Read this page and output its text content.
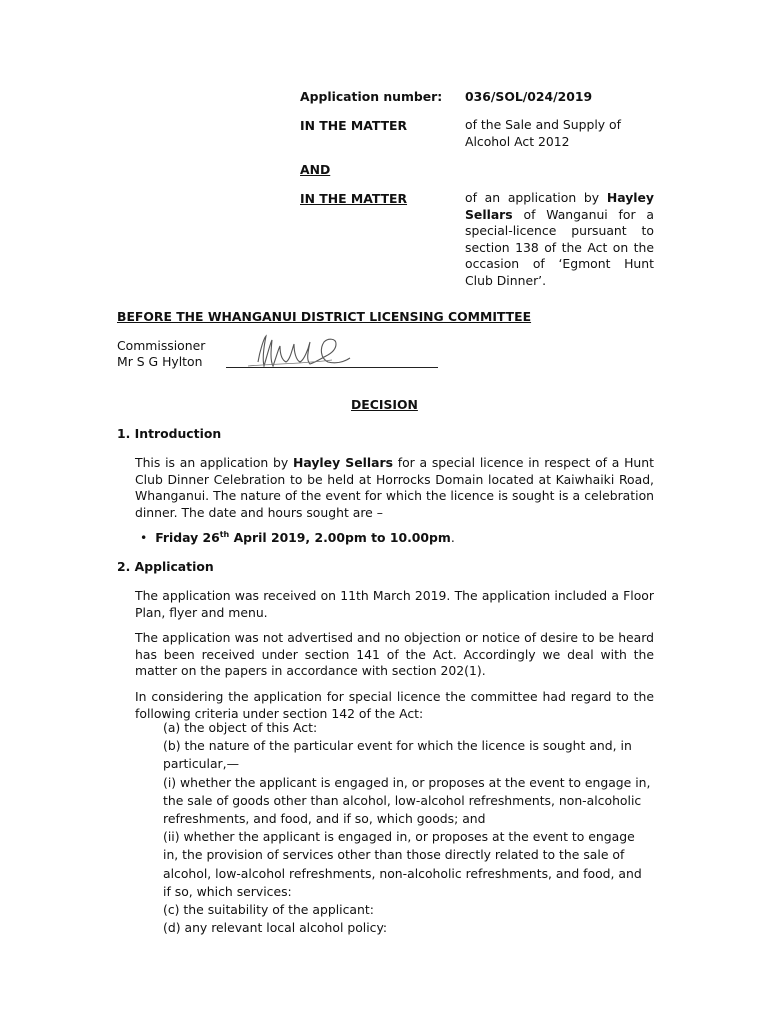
Application number: 036/SOL/024/2019
IN THE MATTER	of the Sale and Supply of Alcohol Act 2012
AND
IN THE MATTER	of an application by Hayley Sellars of Wanganui for a special-licence pursuant to section 138 of the Act on the occasion of ‘Egmont Hunt Club Dinner’.
BEFORE THE WHANGANUI DISTRICT LICENSING COMMITTEE
Commissioner
Mr S G Hylton
DECISION
1. Introduction
This is an application by Hayley Sellars for a special licence in respect of a Hunt Club Dinner Celebration to be held at Horrocks Domain located at Kaiwhaiki Road, Whanganui. The nature of the event for which the licence is sought is a celebration dinner. The date and hours sought are –
• Friday 26th April 2019, 2.00pm to 10.00pm.
2. Application
The application was received on 11th March 2019. The application included a Floor Plan, flyer and menu.
The application was not advertised and no objection or notice of desire to be heard has been received under section 141 of the Act. Accordingly we deal with the matter on the papers in accordance with section 202(1).
In considering the application for special licence the committee had regard to the following criteria under section 142 of the Act:
(a) the object of this Act:
(b) the nature of the particular event for which the licence is sought and, in particular,—
(i) whether the applicant is engaged in, or proposes at the event to engage in, the sale of goods other than alcohol, low-alcohol refreshments, non-alcoholic refreshments, and food, and if so, which goods; and
(ii) whether the applicant is engaged in, or proposes at the event to engage in, the provision of services other than those directly related to the sale of alcohol, low-alcohol refreshments, non-alcoholic refreshments, and food, and if so, which services:
(c) the suitability of the applicant:
(d) any relevant local alcohol policy:
